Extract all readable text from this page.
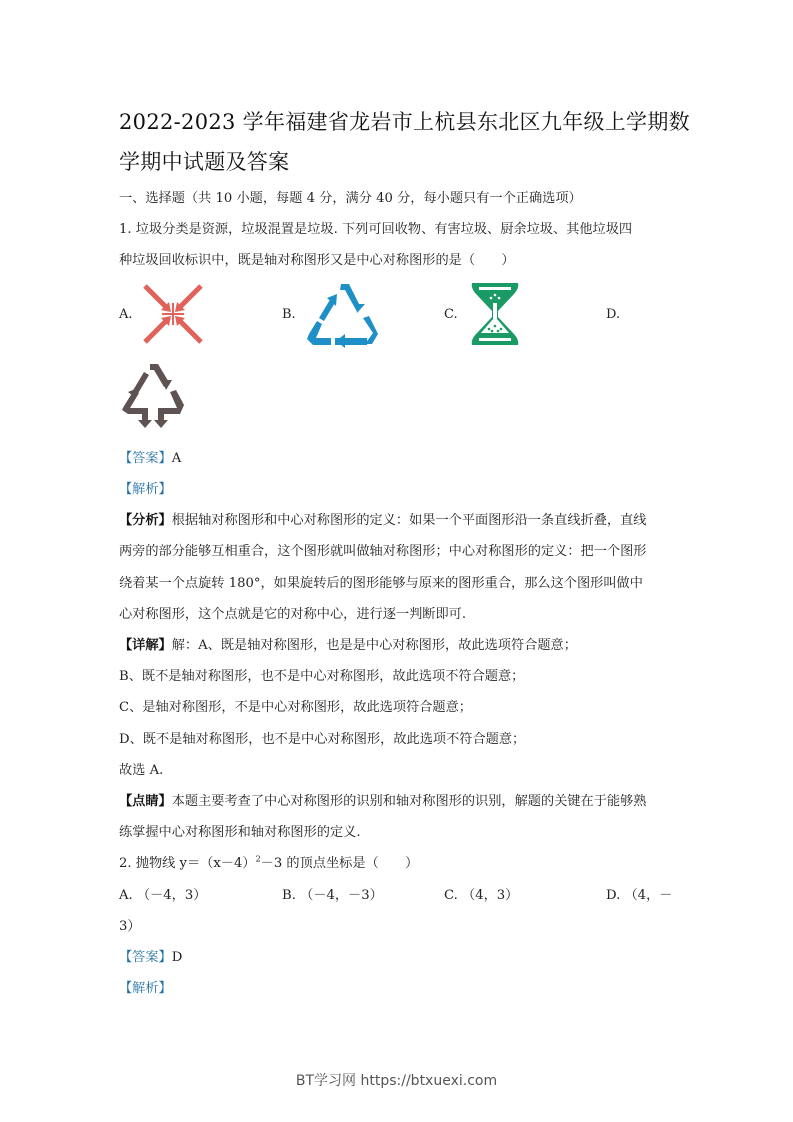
2022-2023 学年福建省龙岩市上杭县东北区九年级上学期数
学期中试题及答案
一、选择题（共 10 小题，每题 4 分，满分 40 分，每小题只有一个正确选项）
1. 垃圾分类是资源，垃圾混置是垃圾. 下列可回收物、有害垃圾、厨余垃圾、其他垃圾四
种垃圾回收标识中，既是轴对称图形又是中心对称图形的是（　　）
A.	B.	C.	D.
【答案】A
【解析】
【分析】根据轴对称图形和中心对称图形的定义：如果一个平面图形沿一条直线折叠，直线
两旁的部分能够互相重合，这个图形就叫做轴对称图形；中心对称图形的定义：把一个图形
绕着某一个点旋转 180°，如果旋转后的图形能够与原来的图形重合，那么这个图形叫做中
心对称图形，这个点就是它的对称中心，进行逐一判断即可.
【详解】解：A、既是轴对称图形，也是是中心对称图形，故此选项符合题意；
B、既不是轴对称图形，也不是中心对称图形，故此选项不符合题意；
C、是轴对称图形，不是中心对称图形，故此选项符合题意；
D、既不是轴对称图形，也不是中心对称图形，故此选项不符合题意；
故选 A.
【点睛】本题主要考查了中心对称图形的识别和轴对称图形的识别，解题的关键在于能够熟
练掌握中心对称图形和轴对称图形的定义.
2. 抛物线 $y=(x-4)^2-3$ 的顶点坐标是（　　）
A. （－4，3）	B. （－4，－3）	C. （4，3）	D. （4，－
3）
【答案】D
【解析】
BT学习网 https://btxuexi.com
